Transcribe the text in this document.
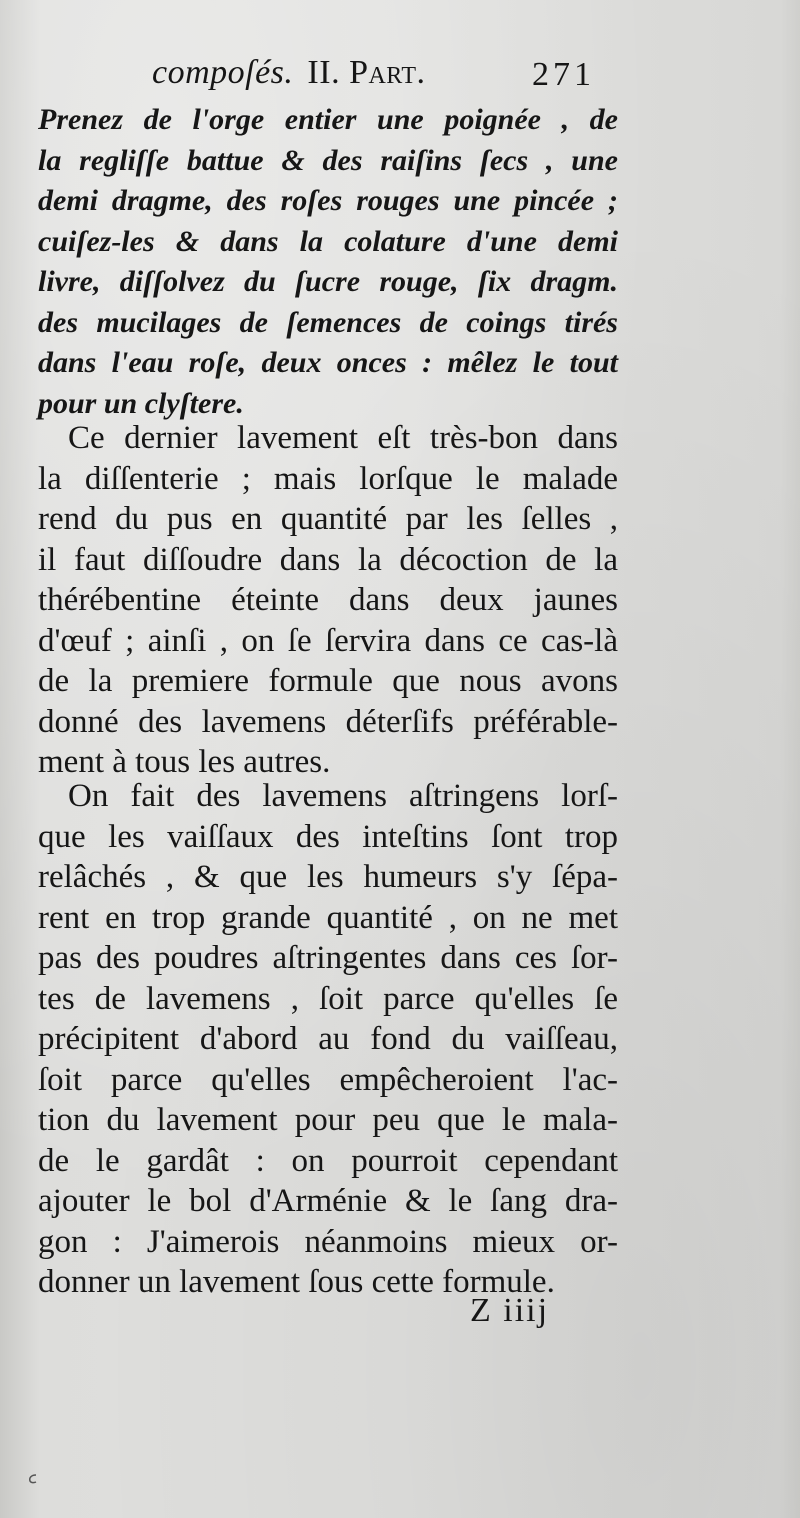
compoſés. II. Part.	271
Prenez de l'orge entier une poignée , de
la regliſſe battue & des raiſins ſecs , une
demi dragme, des roſes rouges une pincée ;
cuiſez-les & dans la colature d'une demi
livre, diſſolvez du ſucre rouge, ſix dragm.
des mucilages de ſemences de coings tirés
dans l'eau roſe, deux onces : mêlez le tout
pour un clyſtere.
Ce dernier lavement eſt très-bon dans
la diſſenterie ; mais lorſque le malade
rend du pus en quantité par les ſelles ,
il faut diſſoudre dans la décoction de la
thérébentine éteinte dans deux jaunes
d'œuf ; ainſi , on ſe ſervira dans ce cas-là
de la premiere formule que nous avons
donné des lavemens déterſifs préférable-
ment à tous les autres.
On fait des lavemens aſtringens lorſ-
que les vaiſſaux des inteſtins ſont trop
relâchés , & que les humeurs s'y ſépa-
rent en trop grande quantité , on ne met
pas des poudres aſtringentes dans ces ſor-
tes de lavemens , ſoit parce qu'elles ſe
précipitent d'abord au fond du vaiſſeau,
ſoit parce qu'elles empêcheroient l'ac-
tion du lavement pour peu que le mala-
de le gardât : on pourroit cependant
ajouter le bol d'Arménie & le ſang dra-
gon : J'aimerois néanmoins mieux or-
donner un lavement ſous cette formule.
Z iiij
